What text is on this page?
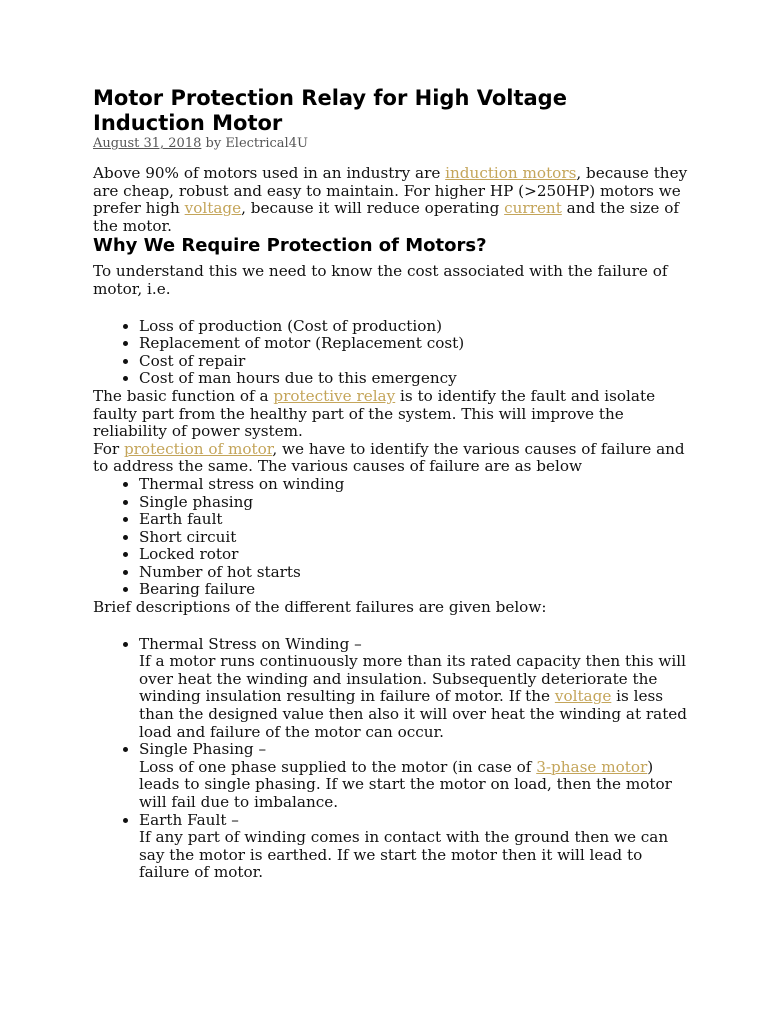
Motor Protection Relay for High Voltage
Induction Motor
August 31, 2018 by Electrical4U

Above 90% of motors used in an industry are induction motors, because they are cheap, robust and easy to maintain. For higher HP (>250HP) motors we prefer high voltage, because it will reduce operating current and the size of the motor.

Why We Require Protection of Motors?

To understand this we need to know the cost associated with the failure of motor, i.e.

• Loss of production (Cost of production)
• Replacement of motor (Replacement cost)
• Cost of repair
• Cost of man hours due to this emergency

The basic function of a protective relay is to identify the fault and isolate faulty part from the healthy part of the system. This will improve the reliability of power system.

For protection of motor, we have to identify the various causes of failure and to address the same. The various causes of failure are as below

• Thermal stress on winding
• Single phasing
• Earth fault
• Short circuit
• Locked rotor
• Number of hot starts
• Bearing failure

Brief descriptions of the different failures are given below:

• Thermal Stress on Winding –
If a motor runs continuously more than its rated capacity then this will over heat the winding and insulation. Subsequently deteriorate the winding insulation resulting in failure of motor. If the voltage is less than the designed value then also it will over heat the winding at rated load and failure of the motor can occur.
• Single Phasing –
Loss of one phase supplied to the motor (in case of 3-phase motor) leads to single phasing. If we start the motor on load, then the motor will fail due to imbalance.
• Earth Fault –
If any part of winding comes in contact with the ground then we can say the motor is earthed. If we start the motor then it will lead to failure of motor.
